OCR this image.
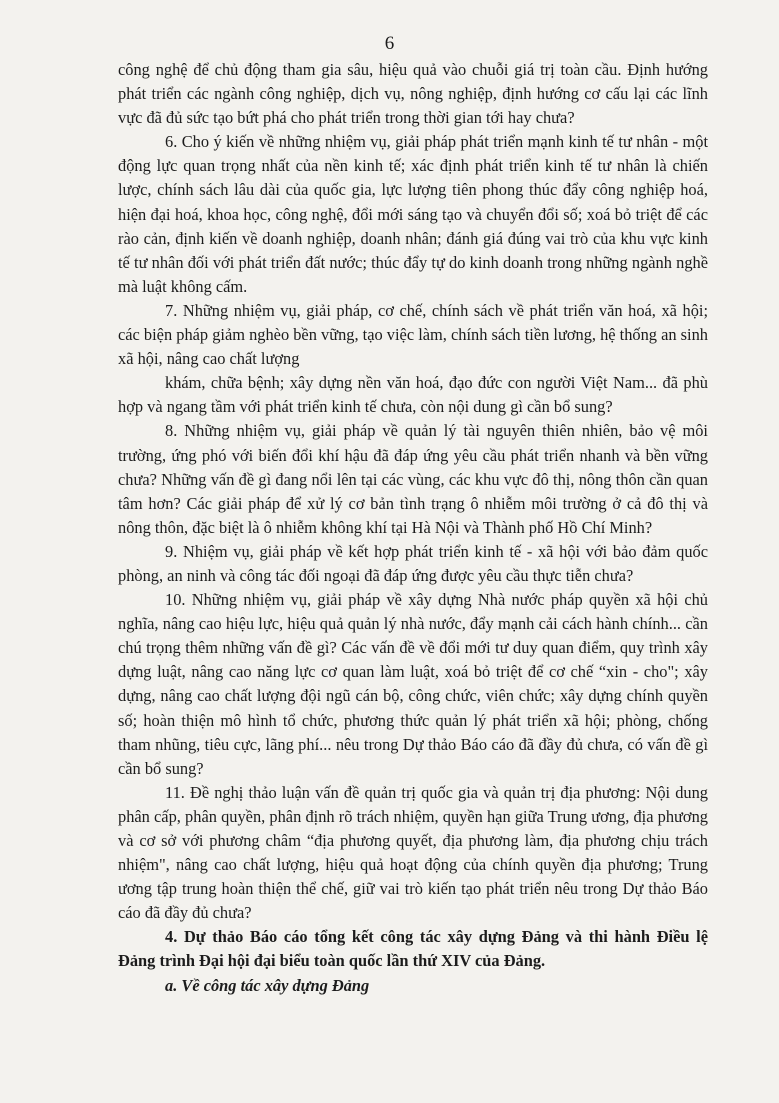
6

công nghệ để chủ động tham gia sâu, hiệu quả vào chuỗi giá trị toàn cầu. Định hướng phát triển các ngành công nghiệp, dịch vụ, nông nghiệp, định hướng cơ cấu lại các lĩnh vực đã đủ sức tạo bứt phá cho phát triển trong thời gian tới hay chưa?

6. Cho ý kiến về những nhiệm vụ, giải pháp phát triển mạnh kinh tế tư nhân - một động lực quan trọng nhất của nền kinh tế; xác định phát triển kinh tế tư nhân là chiến lược, chính sách lâu dài của quốc gia, lực lượng tiên phong thúc đẩy công nghiệp hoá, hiện đại hoá, khoa học, công nghệ, đổi mới sáng tạo và chuyển đổi số; xoá bỏ triệt để các rào cản, định kiến về doanh nghiệp, doanh nhân; đánh giá đúng vai trò của khu vực kinh tế tư nhân đối với phát triển đất nước; thúc đẩy tự do kinh doanh trong những ngành nghề mà luật không cấm.

7. Những nhiệm vụ, giải pháp, cơ chế, chính sách về phát triển văn hoá, xã hội; các biện pháp giảm nghèo bền vững, tạo việc làm, chính sách tiền lương, hệ thống an sinh xã hội, nâng cao chất lượng

khám, chữa bệnh; xây dựng nền văn hoá, đạo đức con người Việt Nam... đã phù hợp và ngang tầm với phát triển kinh tế chưa, còn nội dung gì cần bổ sung?

8. Những nhiệm vụ, giải pháp về quản lý tài nguyên thiên nhiên, bảo vệ môi trường, ứng phó với biến đổi khí hậu đã đáp ứng yêu cầu phát triển nhanh và bền vững chưa? Những vấn đề gì đang nổi lên tại các vùng, các khu vực đô thị, nông thôn cần quan tâm hơn? Các giải pháp để xử lý cơ bản tình trạng ô nhiễm môi trường ở cả đô thị và nông thôn, đặc biệt là ô nhiễm không khí tại Hà Nội và Thành phố Hồ Chí Minh?

9. Nhiệm vụ, giải pháp về kết hợp phát triển kinh tế - xã hội với bảo đảm quốc phòng, an ninh và công tác đối ngoại đã đáp ứng được yêu cầu thực tiễn chưa?

10. Những nhiệm vụ, giải pháp về xây dựng Nhà nước pháp quyền xã hội chủ nghĩa, nâng cao hiệu lực, hiệu quả quản lý nhà nước, đẩy mạnh cải cách hành chính... cần chú trọng thêm những vấn đề gì? Các vấn đề về đổi mới tư duy quan điểm, quy trình xây dựng luật, nâng cao năng lực cơ quan làm luật, xoá bỏ triệt để cơ chế “xin - cho"; xây dựng, nâng cao chất lượng đội ngũ cán bộ, công chức, viên chức; xây dựng chính quyền số; hoàn thiện mô hình tổ chức, phương thức quản lý phát triển xã hội; phòng, chống tham nhũng, tiêu cực, lãng phí... nêu trong Dự thảo Báo cáo đã đầy đủ chưa, có vấn đề gì cần bổ sung?

11. Đề nghị thảo luận vấn đề quản trị quốc gia và quản trị địa phương: Nội dung phân cấp, phân quyền, phân định rõ trách nhiệm, quyền hạn giữa Trung ương, địa phương và cơ sở với phương châm “địa phương quyết, địa phương làm, địa phương chịu trách nhiệm", nâng cao chất lượng, hiệu quả hoạt động của chính quyền địa phương; Trung ương tập trung hoàn thiện thể chế, giữ vai trò kiến tạo phát triển nêu trong Dự thảo Báo cáo đã đầy đủ chưa?

4. Dự thảo Báo cáo tổng kết công tác xây dựng Đảng và thi hành Điều lệ Đảng trình Đại hội đại biểu toàn quốc lần thứ XIV của Đảng.

a. Về công tác xây dựng Đảng
